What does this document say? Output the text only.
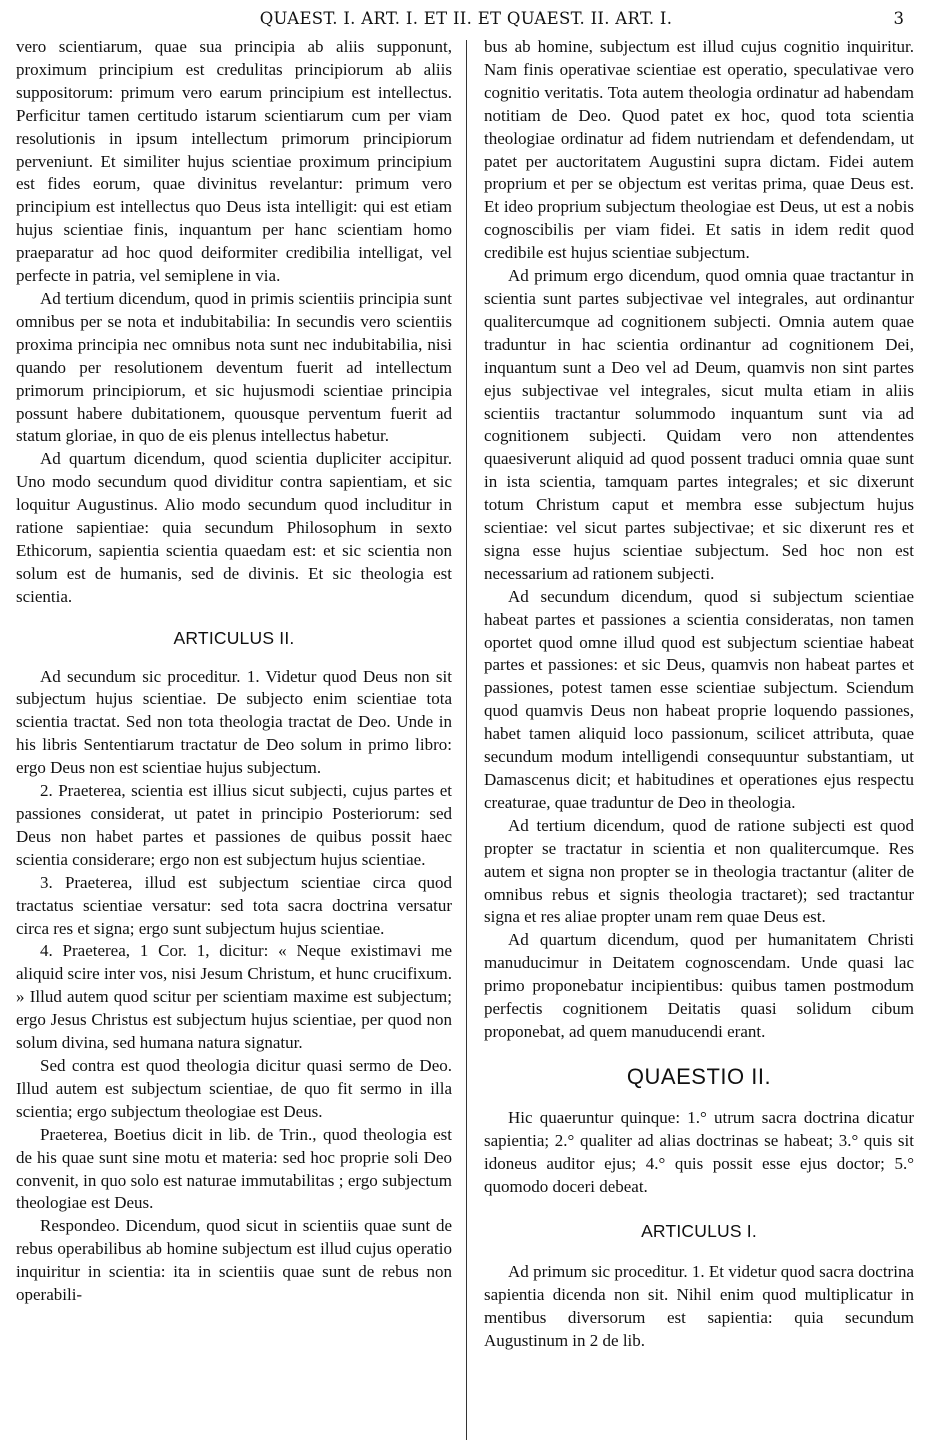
QUAEST. I. ART. I. ET II. ET QUAEST. II. ART. I.	3

vero scientiarum, quae sua principia ab aliis supponunt, proximum principium est credulitas principiorum ab aliis suppositorum: primum vero earum principium est intellectus. Perficitur tamen certitudo istarum scientiarum cum per viam resolutionis in ipsum intellectum primorum principiorum perveniunt. Et similiter hujus scientiae proximum principium est fides eorum, quae divinitus revelantur: primum vero principium est intellectus quo Deus ista intelligit: qui est etiam hujus scientiae finis, inquantum per hanc scientiam homo praeparatur ad hoc quod deiformiter credibilia intelligat, vel perfecte in patria, vel semiplene in via.

Ad tertium dicendum, quod in primis scientiis principia sunt omnibus per se nota et indubitabilia: In secundis vero scientiis proxima principia nec omnibus nota sunt nec indubitabilia, nisi quando per resolutionem deventum fuerit ad intellectum primorum principiorum, et sic hujusmodi scientiae principia possunt habere dubitationem, quousque perventum fuerit ad statum gloriae, in quo de eis plenus intellectus habetur.

Ad quartum dicendum, quod scientia dupliciter accipitur. Uno modo secundum quod dividitur contra sapientiam, et sic loquitur Augustinus. Alio modo secundum quod includitur in ratione sapientiae: quia secundum Philosophum in sexto Ethicorum, sapientia scientia quaedam est: et sic scientia non solum est de humanis, sed de divinis. Et sic theologia est scientia.

ARTICULUS II.

Ad secundum sic proceditur. 1. Videtur quod Deus non sit subjectum hujus scientiae. De subjecto enim scientiae tota scientia tractat. Sed non tota theologia tractat de Deo. Unde in his libris Sententiarum tractatur de Deo solum in primo libro: ergo Deus non est scientiae hujus subjectum.

2. Praeterea, scientia est illius sicut subjecti, cujus partes et passiones considerat, ut patet in principio Posteriorum: sed Deus non habet partes et passiones de quibus possit haec scientia considerare; ergo non est subjectum hujus scientiae.

3. Praeterea, illud est subjectum scientiae circa quod tractatus scientiae versatur: sed tota sacra doctrina versatur circa res et signa; ergo sunt subjectum hujus scientiae.

4. Praeterea, 1 Cor. 1, dicitur: « Neque existimavi me aliquid scire inter vos, nisi Jesum Christum, et hunc crucifixum. » Illud autem quod scitur per scientiam maxime est subjectum; ergo Jesus Christus est subjectum hujus scientiae, per quod non solum divina, sed humana natura signatur.

Sed contra est quod theologia dicitur quasi sermo de Deo. Illud autem est subjectum scientiae, de quo fit sermo in illa scientia; ergo subjectum theologiae est Deus.

Praeterea, Boetius dicit in lib. de Trin., quod theologia est de his quae sunt sine motu et materia: sed hoc proprie soli Deo convenit, in quo solo est naturae immutabilitas ; ergo subjectum theologiae est Deus.

Respondeo. Dicendum, quod sicut in scientiis quae sunt de rebus operabilibus ab homine subjectum est illud cujus operatio inquiritur in scientia: ita in scientiis quae sunt de rebus non operabili-

bus ab homine, subjectum est illud cujus cognitio inquiritur. Nam finis operativae scientiae est operatio, speculativae vero cognitio veritatis. Tota autem theologia ordinatur ad habendam notitiam de Deo. Quod patet ex hoc, quod tota scientia theologiae ordinatur ad fidem nutriendam et defendendam, ut patet per auctoritatem Augustini supra dictam. Fidei autem proprium et per se objectum est veritas prima, quae Deus est. Et ideo proprium subjectum theologiae est Deus, ut est a nobis cognoscibilis per viam fidei. Et satis in idem redit quod credibile est hujus scientiae subjectum.

Ad primum ergo dicendum, quod omnia quae tractantur in scientia sunt partes subjectivae vel integrales, aut ordinantur qualitercumque ad cognitionem subjecti. Omnia autem quae traduntur in hac scientia ordinantur ad cognitionem Dei, inquantum sunt a Deo vel ad Deum, quamvis non sint partes ejus subjectivae vel integrales, sicut multa etiam in aliis scientiis tractantur solummodo inquantum sunt via ad cognitionem subjecti. Quidam vero non attendentes quaesiverunt aliquid ad quod possent traduci omnia quae sunt in ista scientia, tamquam partes integrales; et sic dixerunt totum Christum caput et membra esse subjectum hujus scientiae: vel sicut partes subjectivae; et sic dixerunt res et signa esse hujus scientiae subjectum. Sed hoc non est necessarium ad rationem subjecti.

Ad secundum dicendum, quod si subjectum scientiae habeat partes et passiones a scientia consideratas, non tamen oportet quod omne illud quod est subjectum scientiae habeat partes et passiones: et sic Deus, quamvis non habeat partes et passiones, potest tamen esse scientiae subjectum. Sciendum quod quamvis Deus non habeat proprie loquendo passiones, habet tamen aliquid loco passionum, scilicet attributa, quae secundum modum intelligendi consequuntur substantiam, ut Damascenus dicit; et habitudines et operationes ejus respectu creaturae, quae traduntur de Deo in theologia.

Ad tertium dicendum, quod de ratione subjecti est quod propter se tractatur in scientia et non qualitercumque. Res autem et signa non propter se in theologia tractantur (aliter de omnibus rebus et signis theologia tractaret); sed tractantur signa et res aliae propter unam rem quae Deus est.

Ad quartum dicendum, quod per humanitatem Christi manuducimur in Deitatem cognoscendam. Unde quasi lac primo proponebatur incipientibus: quibus tamen postmodum perfectis cognitionem Deitatis quasi solidum cibum proponebat, ad quem manuducendi erant.

QUAESTIO II.

Hic quaeruntur quinque: 1.° utrum sacra doctrina dicatur sapientia; 2.° qualiter ad alias doctrinas se habeat; 3.° quis sit idoneus auditor ejus; 4.° quis possit esse ejus doctor; 5.° quomodo doceri debeat.

ARTICULUS I.

Ad primum sic proceditur. 1. Et videtur quod sacra doctrina sapientia dicenda non sit. Nihil enim quod multiplicatur in mentibus diversorum est sapientia: quia secundum Augustinum in 2 de lib.
